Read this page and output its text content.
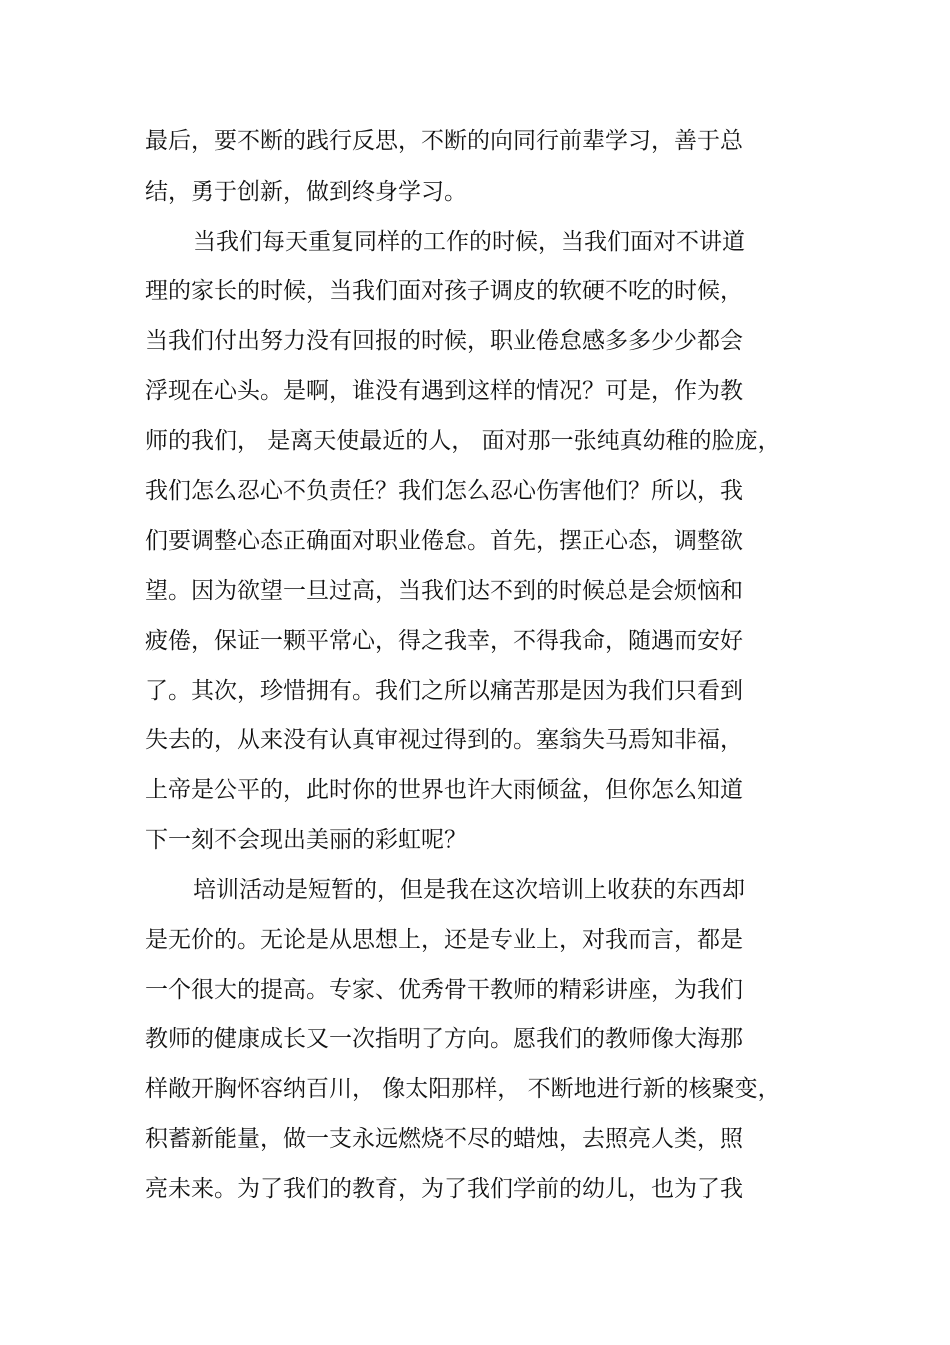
最后，要不断的践行反思，不断的向同行前辈学习，善于总
结，勇于创新，做到终身学习。
当我们每天重复同样的工作的时候，当我们面对不讲道
理的家长的时候，当我们面对孩子调皮的软硬不吃的时候，
当我们付出努力没有回报的时候，职业倦怠感多多少少都会
浮现在心头。是啊，谁没有遇到这样的情况？可是，作为教
师的我们， 是离天使最近的人， 面对那一张纯真幼稚的脸庞，
我们怎么忍心不负责任？我们怎么忍心伤害他们？所以，我
们要调整心态正确面对职业倦怠。首先，摆正心态，调整欲
望。因为欲望一旦过高，当我们达不到的时候总是会烦恼和
疲倦，保证一颗平常心，得之我幸，不得我命，随遇而安好
了。其次，珍惜拥有。我们之所以痛苦那是因为我们只看到
失去的，从来没有认真审视过得到的。塞翁失马焉知非福，
上帝是公平的，此时你的世界也许大雨倾盆，但你怎么知道
下一刻不会现出美丽的彩虹呢？
培训活动是短暂的，但是我在这次培训上收获的东西却
是无价的。无论是从思想上，还是专业上，对我而言，都是
一个很大的提高。专家、优秀骨干教师的精彩讲座，为我们
教师的健康成长又一次指明了方向。愿我们的教师像大海那
样敞开胸怀容纳百川， 像太阳那样， 不断地进行新的核聚变，
积蓄新能量，做一支永远燃烧不尽的蜡烛，去照亮人类，照
亮未来。为了我们的教育，为了我们学前的幼儿，也为了我
